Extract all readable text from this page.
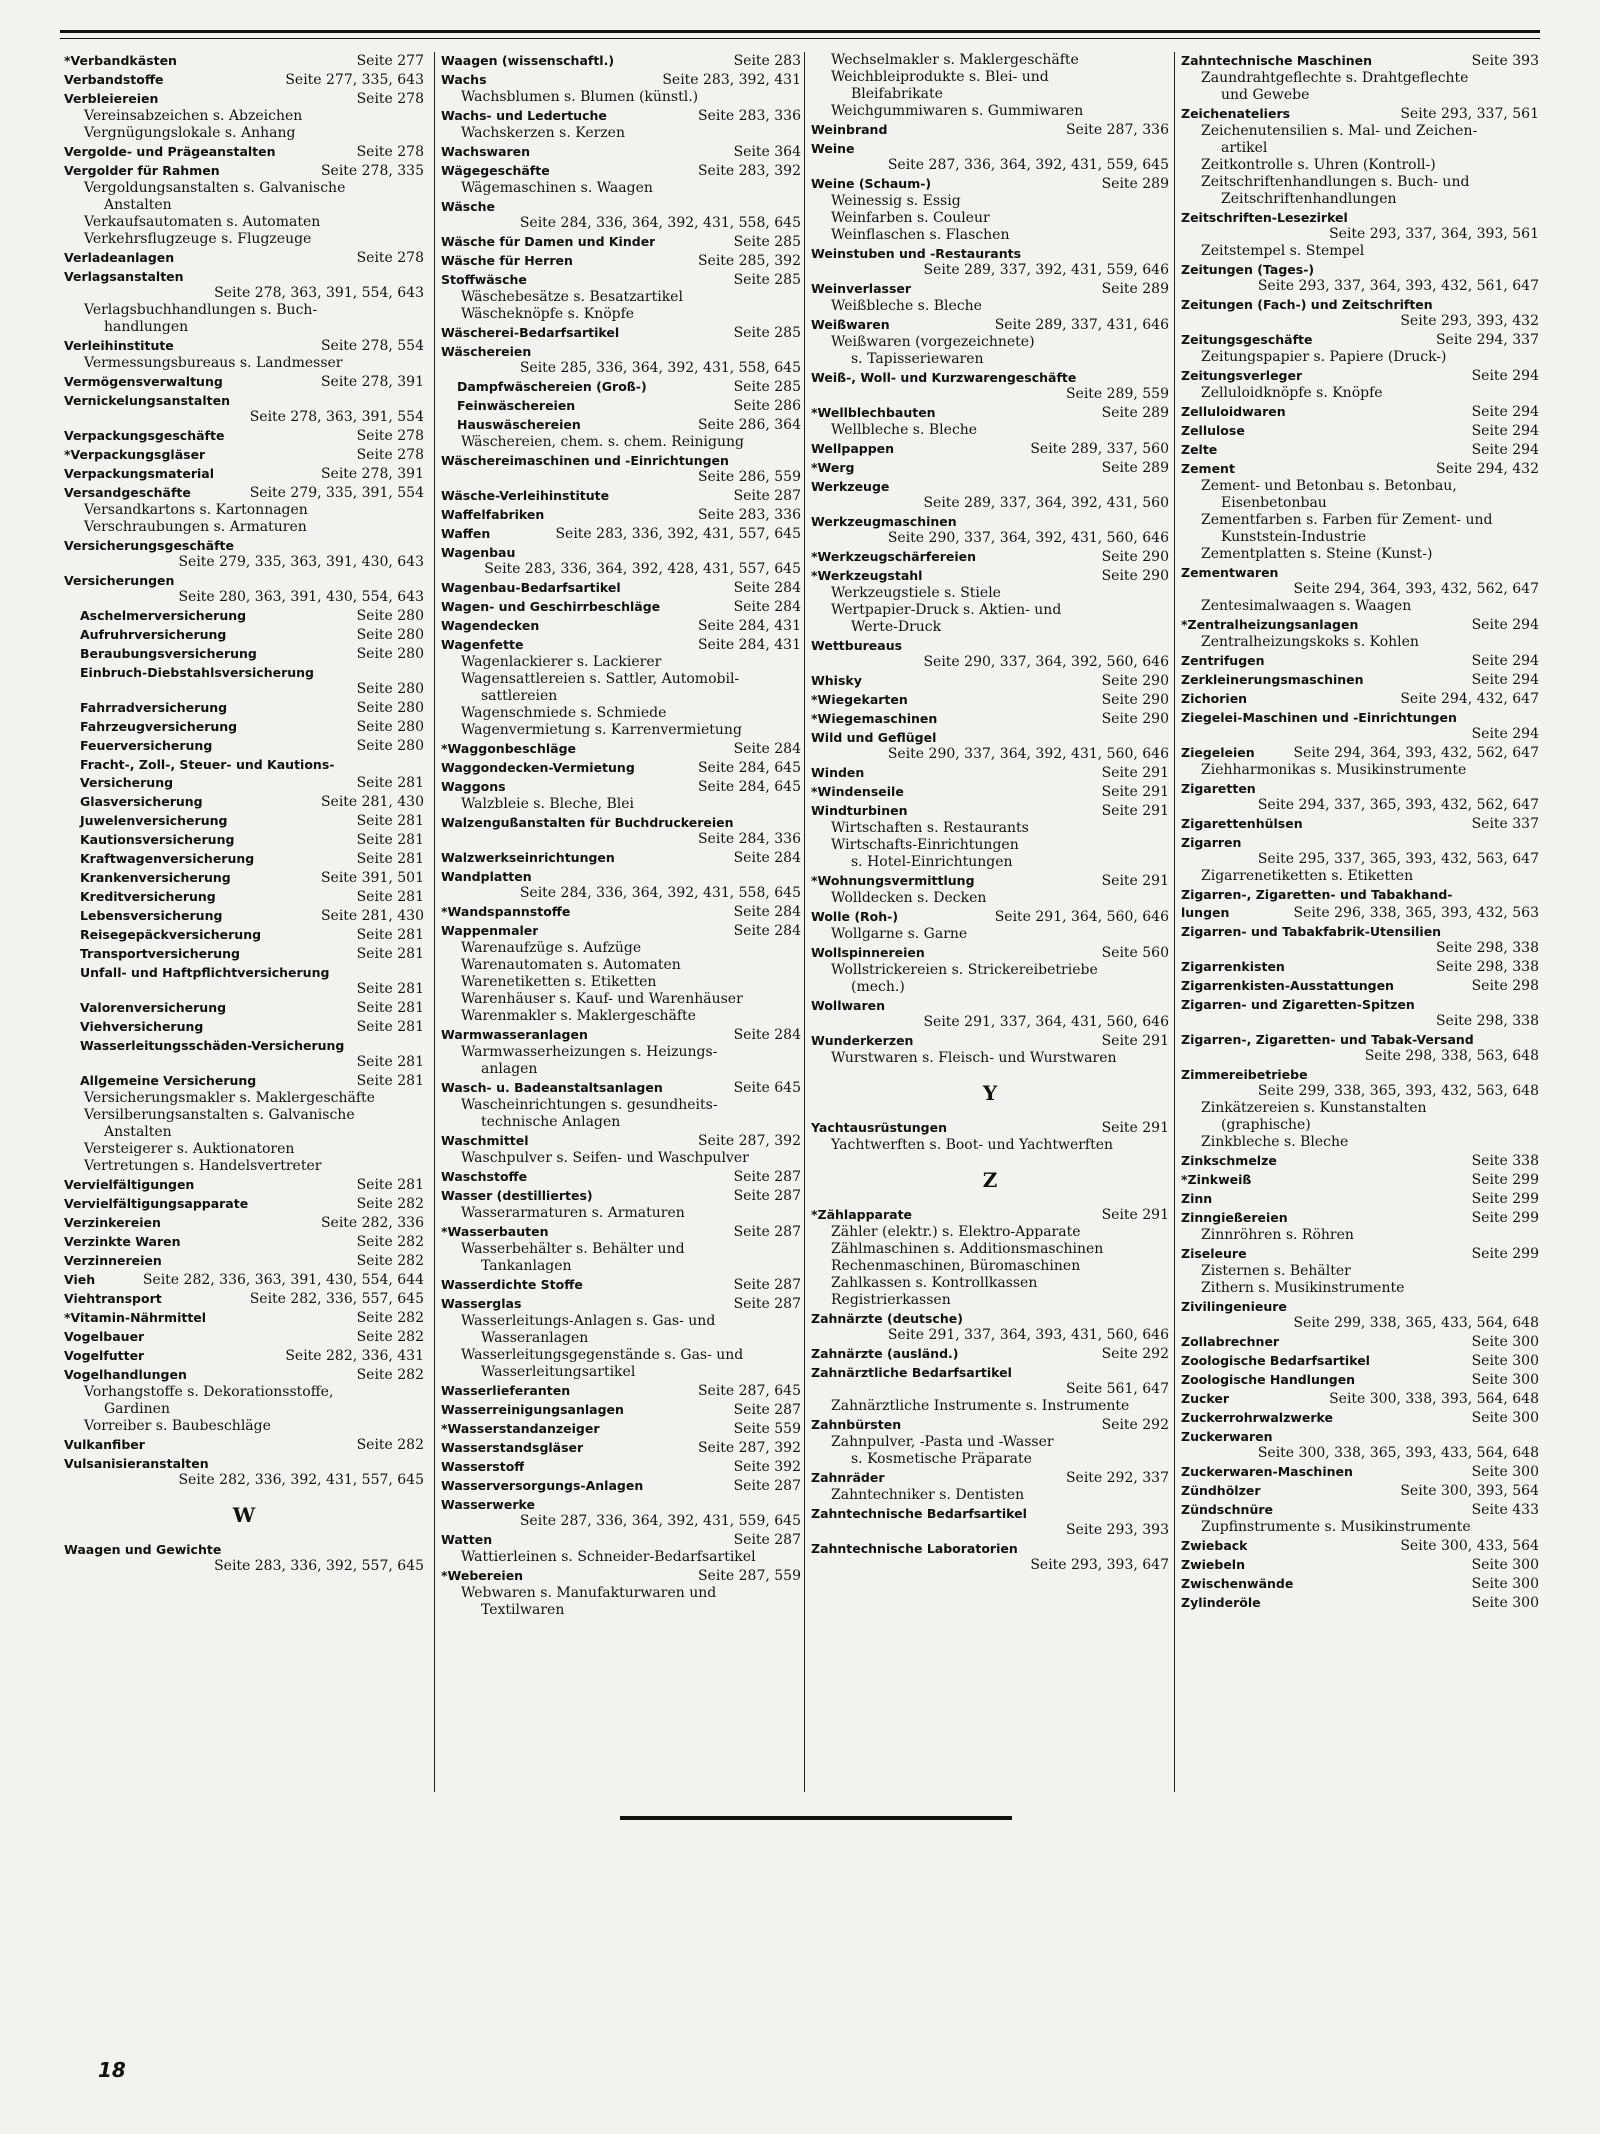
*Verbandkästen	Seite 277
Verbandstoffe	Seite 277, 335, 643
Verbleiereien	Seite 278
Vereinsabzeichen s. Abzeichen
Vergnügungslokale s. Anhang
Vergolde- und Prägeanstalten	Seite 278
Vergolder für Rahmen	Seite 278, 335
Vergoldungsanstalten s. Galvanische
Anstalten
Verkaufsautomaten s. Automaten
Verkehrsflugzeuge s. Flugzeuge
Verladeanlagen	Seite 278
Verlagsanstalten
Seite 278, 363, 391, 554, 643
Verlagsbuchhandlungen s. Buch-
handlungen
Verleihinstitute	Seite 278, 554
Vermessungsbureaus s. Landmesser
Vermögensverwaltung	Seite 278, 391
Vernickelungsanstalten
Seite 278, 363, 391, 554
Verpackungsgeschäfte	Seite 278
*Verpackungsgläser	Seite 278
Verpackungsmaterial	Seite 278, 391
Versandgeschäfte	Seite 279, 335, 391, 554
Versandkartons s. Kartonnagen
Verschraubungen s. Armaturen
Versicherungsgeschäfte
Seite 279, 335, 363, 391, 430, 643
Versicherungen
Seite 280, 363, 391, 430, 554, 643
Aschelmerversicherung	Seite 280
Aufruhrversicherung	Seite 280
Beraubungsversicherung	Seite 280
Einbruch-Diebstahlsversicherung
Seite 280
Fahrradversicherung	Seite 280
Fahrzeugversicherung	Seite 280
Feuerversicherung	Seite 280
Fracht-, Zoll-, Steuer- und Kautions-
Versicherung	Seite 281
Glasversicherung	Seite 281, 430
Juwelenversicherung	Seite 281
Kautionsversicherung	Seite 281
Kraftwagenversicherung	Seite 281
Krankenversicherung	Seite 391, 501
Kreditversicherung	Seite 281
Lebensversicherung	Seite 281, 430
Reisegepäckversicherung	Seite 281
Transportversicherung	Seite 281
Unfall- und Haftpflichtversicherung
Seite 281
Valorenversicherung	Seite 281
Viehversicherung	Seite 281
Wasserleitungsschäden-Versicherung
Seite 281
Allgemeine Versicherung	Seite 281
Versicherungsmakler s. Maklergeschäfte
Versilberungsanstalten s. Galvanische
Anstalten
Versteigerer s. Auktionatoren
Vertretungen s. Handelsvertreter
Vervielfältigungen	Seite 281
Vervielfältigungsapparate	Seite 282
Verzinkereien	Seite 282, 336
Verzinkte Waren	Seite 282
Verzinnereien	Seite 282
Vieh	Seite 282, 336, 363, 391, 430, 554, 644
Viehtransport	Seite 282, 336, 557, 645
*Vitamin-Nährmittel	Seite 282
Vogelbauer	Seite 282
Vogelfutter	Seite 282, 336, 431
Vogelhandlungen	Seite 282
Vorhangstoffe s. Dekorationsstoffe,
Gardinen
Vorreiber s. Baubeschläge
Vulkanfiber	Seite 282
Vulsanisieranstalten
Seite 282, 336, 392, 431, 557, 645
W
Waagen und Gewichte
Seite 283, 336, 392, 557, 645
Waagen (wissenschaftl.)	Seite 283
Wachs	Seite 283, 392, 431
Wachsblumen s. Blumen (künstl.)
Wachs- und Ledertuche	Seite 283, 336
Wachskerzen s. Kerzen
Wachswaren	Seite 364
Wägegeschäfte	Seite 283, 392
Wägemaschinen s. Waagen
Wäsche
Seite 284, 336, 364, 392, 431, 558, 645
Wäsche für Damen und Kinder	Seite 285
Wäsche für Herren	Seite 285, 392
Stoffwäsche	Seite 285
Wäschebesätze s. Besatzartikel
Wäscheknöpfe s. Knöpfe
Wäscherei-Bedarfsartikel	Seite 285
Wäschereien
Seite 285, 336, 364, 392, 431, 558, 645
Dampfwäschereien (Groß-)	Seite 285
Feinwäschereien	Seite 286
Hauswäschereien	Seite 286, 364
Wäschereien, chem. s. chem. Reinigung
Wäschereimaschinen und -Einrichtungen
Seite 286, 559
Wäsche-Verleihinstitute	Seite 287
Waffelfabriken	Seite 283, 336
Waffen	Seite 283, 336, 392, 431, 557, 645
Wagenbau
Seite 283, 336, 364, 392, 428, 431, 557, 645
Wagenbau-Bedarfsartikel	Seite 284
Wagen- und Geschirrbeschläge	Seite 284
Wagendecken	Seite 284, 431
Wagenfette	Seite 284, 431
Wagenlackierer s. Lackierer
Wagensattlereien s. Sattler, Automobil-
sattlereien
Wagenschmiede s. Schmiede
Wagenvermietung s. Karrenvermietung
*Waggonbeschläge	Seite 284
Waggondecken-Vermietung	Seite 284, 645
Waggons	Seite 284, 645
Walzbleie s. Bleche, Blei
Walzengußanstalten für Buchdruckereien
Seite 284, 336
Walzwerkseinrichtungen	Seite 284
Wandplatten
Seite 284, 336, 364, 392, 431, 558, 645
*Wandspannstoffe	Seite 284
Wappenmaler	Seite 284
Warenaufzüge s. Aufzüge
Warenautomaten s. Automaten
Warenetiketten s. Etiketten
Warenhäuser s. Kauf- und Warenhäuser
Warenmakler s. Maklergeschäfte
Warmwasseranlagen	Seite 284
Warmwasserheizungen s. Heizungs-
anlagen
Wasch- u. Badeanstaltsanlagen	Seite 645
Wascheinrichtungen s. gesundheits-
technische Anlagen
Waschmittel	Seite 287, 392
Waschpulver s. Seifen- und Waschpulver
Waschstoffe	Seite 287
Wasser (destilliertes)	Seite 287
Wasserarmaturen s. Armaturen
*Wasserbauten	Seite 287
Wasserbehälter s. Behälter und
Tankanlagen
Wasserdichte Stoffe	Seite 287
Wasserglas	Seite 287
Wasserleitungs-Anlagen s. Gas- und
Wasseranlagen
Wasserleitungsgegenstände s. Gas- und
Wasserleitungsartikel
Wasserlieferanten	Seite 287, 645
Wasserreinigungsanlagen	Seite 287
*Wasserstandanzeiger	Seite 559
Wasserstandsgläser	Seite 287, 392
Wasserstoff	Seite 392
Wasserversorgungs-Anlagen	Seite 287
Wasserwerke
Seite 287, 336, 364, 392, 431, 559, 645
Watten	Seite 287
Wattierleinen s. Schneider-Bedarfsartikel
*Webereien	Seite 287, 559
Webwaren s. Manufakturwaren und
Textilwaren
Wechselmakler s. Maklergeschäfte
Weichbleiprodukte s. Blei- und
Bleifabrikate
Weichgummiwaren s. Gummiwaren
Weinbrand	Seite 287, 336
Weine
Seite 287, 336, 364, 392, 431, 559, 645
Weine (Schaum-)	Seite 289
Weinessig s. Essig
Weinfarben s. Couleur
Weinflaschen s. Flaschen
Weinstuben und -Restaurants
Seite 289, 337, 392, 431, 559, 646
Weinverlasser	Seite 289
Weißbleche s. Bleche
Weißwaren	Seite 289, 337, 431, 646
Weißwaren (vorgezeichnete)
s. Tapisseriewaren
Weiß-, Woll- und Kurzwarengeschäfte
Seite 289, 559
*Wellblechbauten	Seite 289
Wellbleche s. Bleche
Wellpappen	Seite 289, 337, 560
*Werg	Seite 289
Werkzeuge
Seite 289, 337, 364, 392, 431, 560
Werkzeugmaschinen
Seite 290, 337, 364, 392, 431, 560, 646
*Werkzeugschärfereien	Seite 290
*Werkzeugstahl	Seite 290
Werkzeugstiele s. Stiele
Wertpapier-Druck s. Aktien- und
Werte-Druck
Wettbureaus
Seite 290, 337, 364, 392, 560, 646
Whisky	Seite 290
*Wiegekarten	Seite 290
*Wiegemaschinen	Seite 290
Wild und Geflügel
Seite 290, 337, 364, 392, 431, 560, 646
Winden	Seite 291
*Windenseile	Seite 291
Windturbinen	Seite 291
Wirtschaften s. Restaurants
Wirtschafts-Einrichtungen
s. Hotel-Einrichtungen
*Wohnungsvermittlung	Seite 291
Wolldecken s. Decken
Wolle (Roh-)	Seite 291, 364, 560, 646
Wollgarne s. Garne
Wollspinnereien	Seite 560
Wollstrickereien s. Strickereibetriebe
(mech.)
Wollwaren
Seite 291, 337, 364, 431, 560, 646
Wunderkerzen	Seite 291
Wurstwaren s. Fleisch- und Wurstwaren
Y
Yachtausrüstungen	Seite 291
Yachtwerften s. Boot- und Yachtwerften
Z
*Zählapparate	Seite 291
Zähler (elektr.) s. Elektro-Apparate
Zählmaschinen s. Additionsmaschinen
Rechenmaschinen, Büromaschinen
Zahlkassen s. Kontrollkassen
Registrierkassen
Zahnärzte (deutsche)
Seite 291, 337, 364, 393, 431, 560, 646
Zahnärzte (ausländ.)	Seite 292
Zahnärztliche Bedarfsartikel
Seite 561, 647
Zahnärztliche Instrumente s. Instrumente
Zahnbürsten	Seite 292
Zahnpulver, -Pasta und -Wasser
s. Kosmetische Präparate
Zahnräder	Seite 292, 337
Zahntechniker s. Dentisten
Zahntechnische Bedarfsartikel
Seite 293, 393
Zahntechnische Laboratorien
Seite 293, 393, 647
Zahntechnische Maschinen	Seite 393
Zaundrahtgeflechte s. Drahtgeflechte
und Gewebe
Zeichenateliers	Seite 293, 337, 561
Zeichenutensilien s. Mal- und Zeichen-
artikel
Zeitkontrolle s. Uhren (Kontroll-)
Zeitschriftenhandlungen s. Buch- und
Zeitschriftenhandlungen
Zeitschriften-Lesezirkel
Seite 293, 337, 364, 393, 561
Zeitstempel s. Stempel
Zeitungen (Tages-)
Seite 293, 337, 364, 393, 432, 561, 647
Zeitungen (Fach-) und Zeitschriften
Seite 293, 393, 432
Zeitungsgeschäfte	Seite 294, 337
Zeitungspapier s. Papiere (Druck-)
Zeitungsverleger	Seite 294
Zelluloidknöpfe s. Knöpfe
Zelluloidwaren	Seite 294
Zellulose	Seite 294
Zelte	Seite 294
Zement	Seite 294, 432
Zement- und Betonbau s. Betonbau,
Eisenbetonbau
Zementfarben s. Farben für Zement- und
Kunststein-Industrie
Zementplatten s. Steine (Kunst-)
Zementwaren
Seite 294, 364, 393, 432, 562, 647
Zentesimalwaagen s. Waagen
*Zentralheizungsanlagen	Seite 294
Zentralheizungskoks s. Kohlen
Zentrifugen	Seite 294
Zerkleinerungsmaschinen	Seite 294
Zichorien	Seite 294, 432, 647
Ziegelei-Maschinen und -Einrichtungen
Seite 294
Ziegeleien	Seite 294, 364, 393, 432, 562, 647
Ziehharmonikas s. Musikinstrumente
Zigaretten
Seite 294, 337, 365, 393, 432, 562, 647
Zigarettenhülsen	Seite 337
Zigarren
Seite 295, 337, 365, 393, 432, 563, 647
Zigarrenetiketten s. Etiketten
Zigarren-, Zigaretten- und Tabakhand-
lungen	Seite 296, 338, 365, 393, 432, 563
Zigarren- und Tabakfabrik-Utensilien
Seite 298, 338
Zigarrenkisten	Seite 298, 338
Zigarrenkisten-Ausstattungen	Seite 298
Zigarren- und Zigaretten-Spitzen
Seite 298, 338
Zigarren-, Zigaretten- und Tabak-Versand
Seite 298, 338, 563, 648
Zimmereibetriebe
Seite 299, 338, 365, 393, 432, 563, 648
Zinkätzereien s. Kunstanstalten
(graphische)
Zinkbleche s. Bleche
Zinkschmelze	Seite 338
*Zinkweiß	Seite 299
Zinn	Seite 299
Zinngießereien	Seite 299
Zinnröhren s. Röhren
Ziseleure	Seite 299
Zisternen s. Behälter
Zithern s. Musikinstrumente
Zivilingenieure
Seite 299, 338, 365, 433, 564, 648
Zollabrechner	Seite 300
Zoologische Bedarfsartikel	Seite 300
Zoologische Handlungen	Seite 300
Zucker	Seite 300, 338, 393, 564, 648
Zuckerrohrwalzwerke	Seite 300
Zuckerwaren
Seite 300, 338, 365, 393, 433, 564, 648
Zuckerwaren-Maschinen	Seite 300
Zündhölzer	Seite 300, 393, 564
Zündschnüre	Seite 433
Zupfinstrumente s. Musikinstrumente
Zwieback	Seite 300, 433, 564
Zwiebeln	Seite 300
Zwischenwände	Seite 300
Zylinderöle	Seite 300
18
